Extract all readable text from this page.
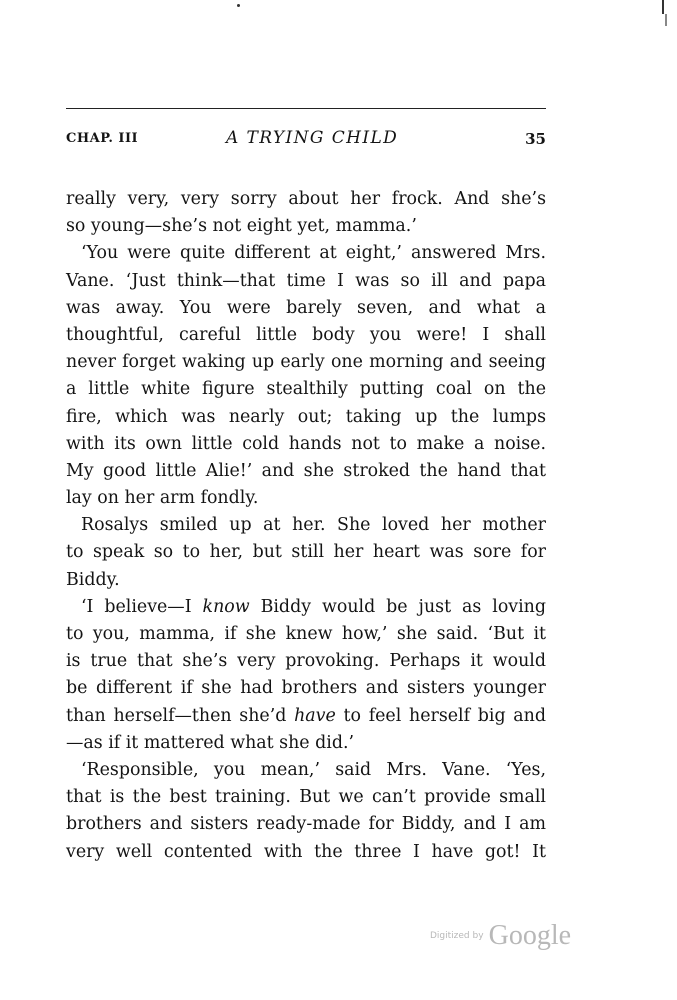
CHAP. III	A TRYING CHILD	35
really very, very sorry about her frock. And she’s
so young—she’s not eight yet, mamma.’
‘You were quite different at eight,’ answered Mrs.
Vane. ‘Just think—that time I was so ill and papa
was away. You were barely seven, and what a
thoughtful, careful little body you were! I shall
never forget waking up early one morning and seeing
a little white figure stealthily putting coal on the
fire, which was nearly out; taking up the lumps
with its own little cold hands not to make a noise.
My good little Alie!’ and she stroked the hand that
lay on her arm fondly.
Rosalys smiled up at her. She loved her mother
to speak so to her, but still her heart was sore for
Biddy.
‘I believe—I know Biddy would be just as loving
to you, mamma, if she knew how,’ she said. ‘But it
is true that she’s very provoking. Perhaps it would
be different if she had brothers and sisters younger
than herself—then she’d have to feel herself big and
—as if it mattered what she did.’
‘Responsible, you mean,’ said Mrs. Vane. ‘Yes,
that is the best training. But we can’t provide small
brothers and sisters ready-made for Biddy, and I am
very well contented with the three I have got! It
Digitized by Google
